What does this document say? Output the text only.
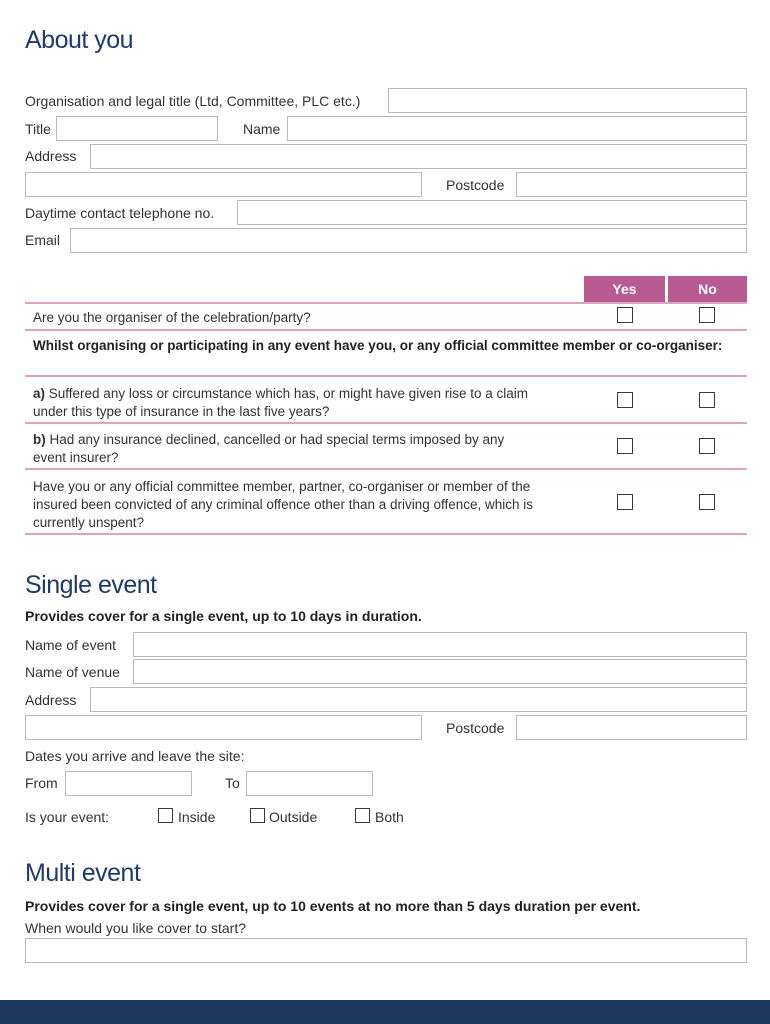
About you
Organisation and legal title (Ltd, Committee, PLC etc.)
Title	Name
Address
Postcode
Daytime contact telephone no.
Email
Yes	No
Are you the organiser of the celebration/party?
Whilst organising or participating in any event have you, or any official committee member or co-organiser:
a) Suffered any loss or circumstance which has, or might have given rise to a claim under this type of insurance in the last five years?
b) Had any insurance declined, cancelled or had special terms imposed by any event insurer?
Have you or any official committee member, partner, co-organiser or member of the insured been convicted of any criminal offence other than a driving offence, which is currently unspent?
Single event
Provides cover for a single event, up to 10 days in duration.
Name of event
Name of venue
Address
Postcode
Dates you arrive and leave the site:
From	To
Is your event:	Inside	Outside	Both
Multi event
Provides cover for a single event, up to 10 events at no more than 5 days duration per event.
When would you like cover to start?
